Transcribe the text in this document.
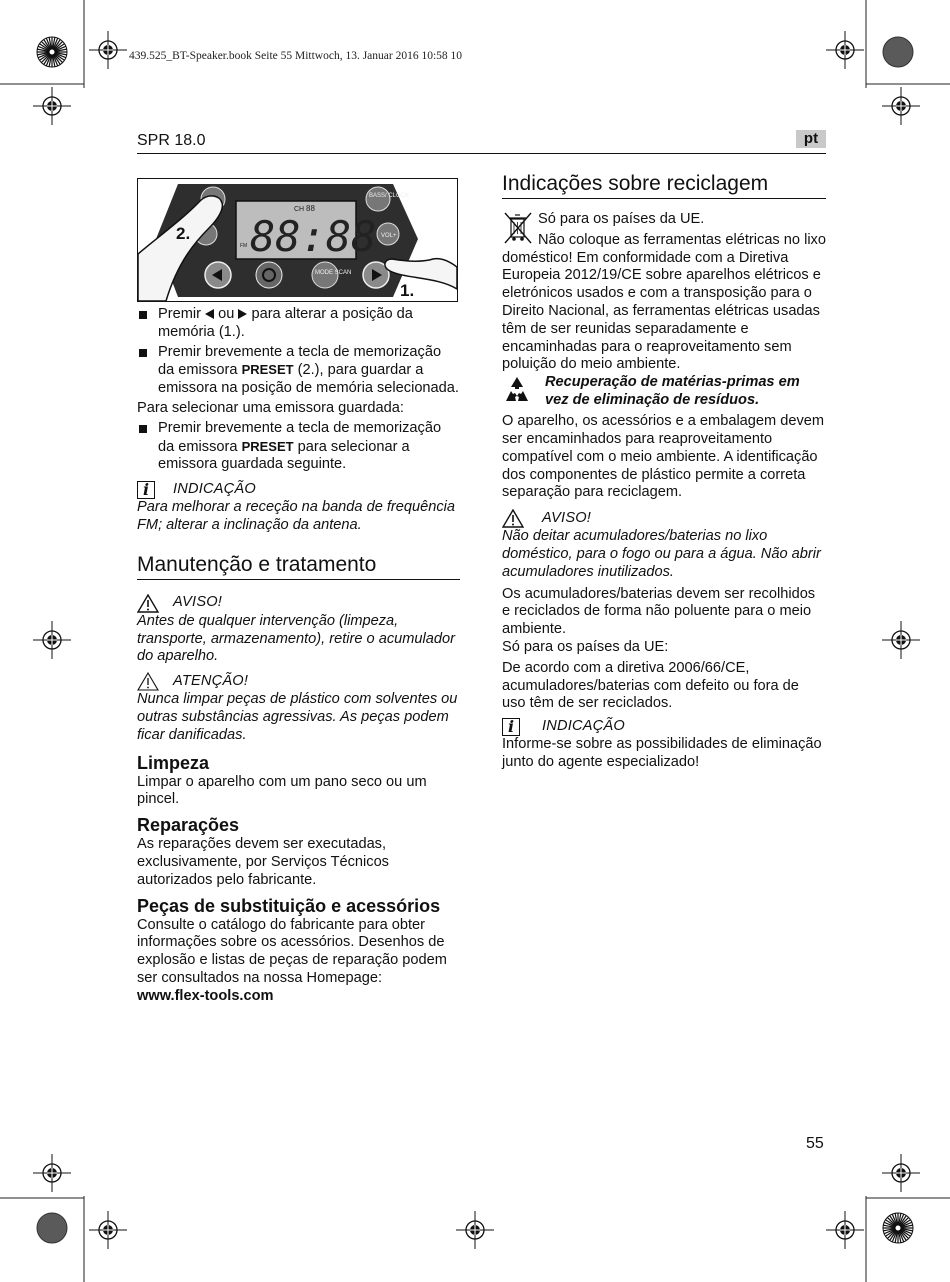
439.525_BT-Speaker.book Seite 55 Mittwoch, 13. Januar 2016 10:58 10
SPR 18.0	pt
88:88
CH 88
FM
BASS/ CLOCK
VOL+
MODE SCAN
2.
1.
Premir ou para alterar a posição da memória (1.).
Premir brevemente a tecla de memorização da emissora PRESET (2.), para guardar a emissora na posição de memória selecionada.

Para selecionar uma emissora guardada:

Premir brevemente a tecla de memorização da emissora PRESET para selecionar a emissora guardada seguinte.
i	INDICAÇÃO

Para melhorar a receção na banda de frequência FM; alterar a inclinação da antena.

Manutenção e tratamento
AVISO!

Antes de qualquer intervenção (limpeza, transporte, armazenamento), retire o acumulador do aparelho.

ATENÇÃO!

Nunca limpar peças de plástico com solventes ou outras substâncias agressivas. As peças podem ficar danificadas.

Limpeza

Limpar o aparelho com um pano seco ou um pincel.

Reparações

As reparações devem ser executadas, exclusivamente, por Serviços Técnicos autorizados pelo fabricante.

Peças de substituição e acessórios

Consulte o catálogo do fabricante para obter informações sobre os acessórios. Desenhos de explosão e listas de peças de reparação podem ser consultados na nossa Homepage:

www.flex-tools.com

Indicações sobre reciclagem

Só para os países da UE.

Não coloque as ferramentas elétricas no lixo doméstico! Em conformidade com a Diretiva Europeia 2012/19/CE sobre aparelhos elétricos e eletrónicos usados e com a transposição para o Direito Nacional, as ferramentas elétricas usadas têm de ser reunidas separadamente e encaminhadas para o reaproveitamento sem poluição do meio ambiente.

Recuperação de matérias-primas em vez de eliminação de resíduos.

O aparelho, os acessórios e a embalagem devem ser encaminhados para reaproveitamento compatível com o meio ambiente. A identificação dos componentes de plástico permite a correta separação para reciclagem.

AVISO!

Não deitar acumuladores/baterias no lixo doméstico, para o fogo ou para a água. Não abrir acumuladores inutilizados.

Os acumuladores/baterias devem ser recolhidos e reciclados de forma não poluente para o meio ambiente.

Só para os países da UE:

De acordo com a diretiva 2006/66/CE, acumuladores/baterias com defeito ou fora de uso têm de ser reciclados.

i	INDICAÇÃO

Informe-se sobre as possibilidades de eliminação junto do agente especializado!

55
